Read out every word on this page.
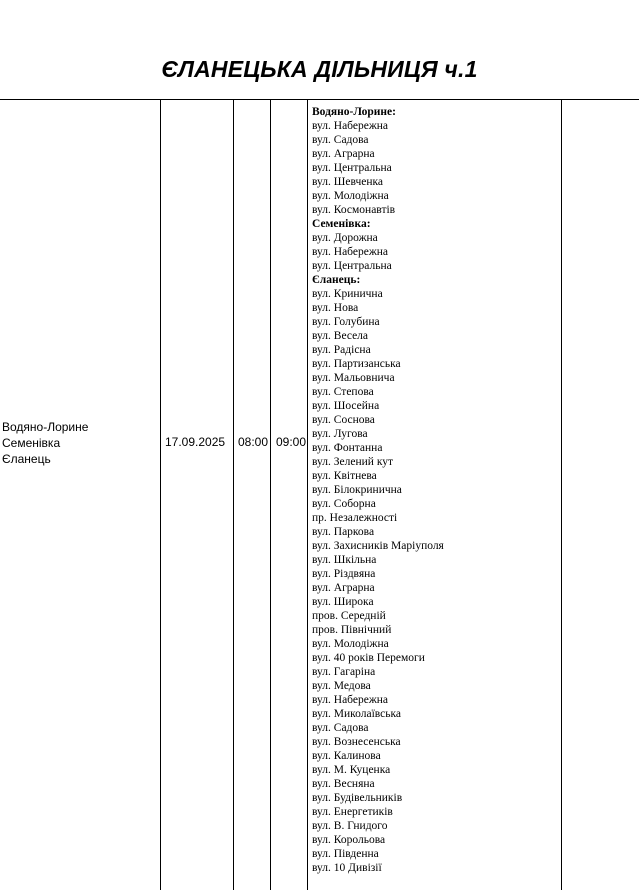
ЄЛАНЕЦЬКА ДІЛЬНИЦЯ ч.1
Водяно-Лорине
Семенівка
Єланець
17.09.2025 08:00 09:00
Водяно-Лорине:
вул. Набережна
вул. Садова
вул. Аграрна
вул. Центральна
вул. Шевченка
вул. Молодіжна
вул. Космонавтів
Семенівка:
вул. Дорожна
вул. Набережна
вул. Центральна
Єланець:
вул. Кринична
вул. Нова
вул. Голубина
вул. Весела
вул. Радісна
вул. Партизанська
вул. Мальовнича
вул. Степова
вул. Шосейна
вул. Соснова
вул. Лугова
вул. Фонтанна
вул. Зелений кут
вул. Квітнева
вул. Білокринична
вул. Соборна
пр. Незалежності
вул. Паркова
вул. Захисників Маріуполя
вул. Шкільна
вул. Різдвяна
вул. Аграрна
вул. Широка
пров. Середній
пров. Північний
вул. Молодіжна
вул. 40 років Перемоги
вул. Гагаріна
вул. Медова
вул. Набережна
вул. Миколаївська
вул. Садова
вул. Вознесенська
вул. Калинова
вул. М. Куценка
вул. Весняна
вул. Будівельників
вул. Енергетиків
вул. В. Гнидого
вул. Корольова
вул. Південна
вул. 10 Дивізії
